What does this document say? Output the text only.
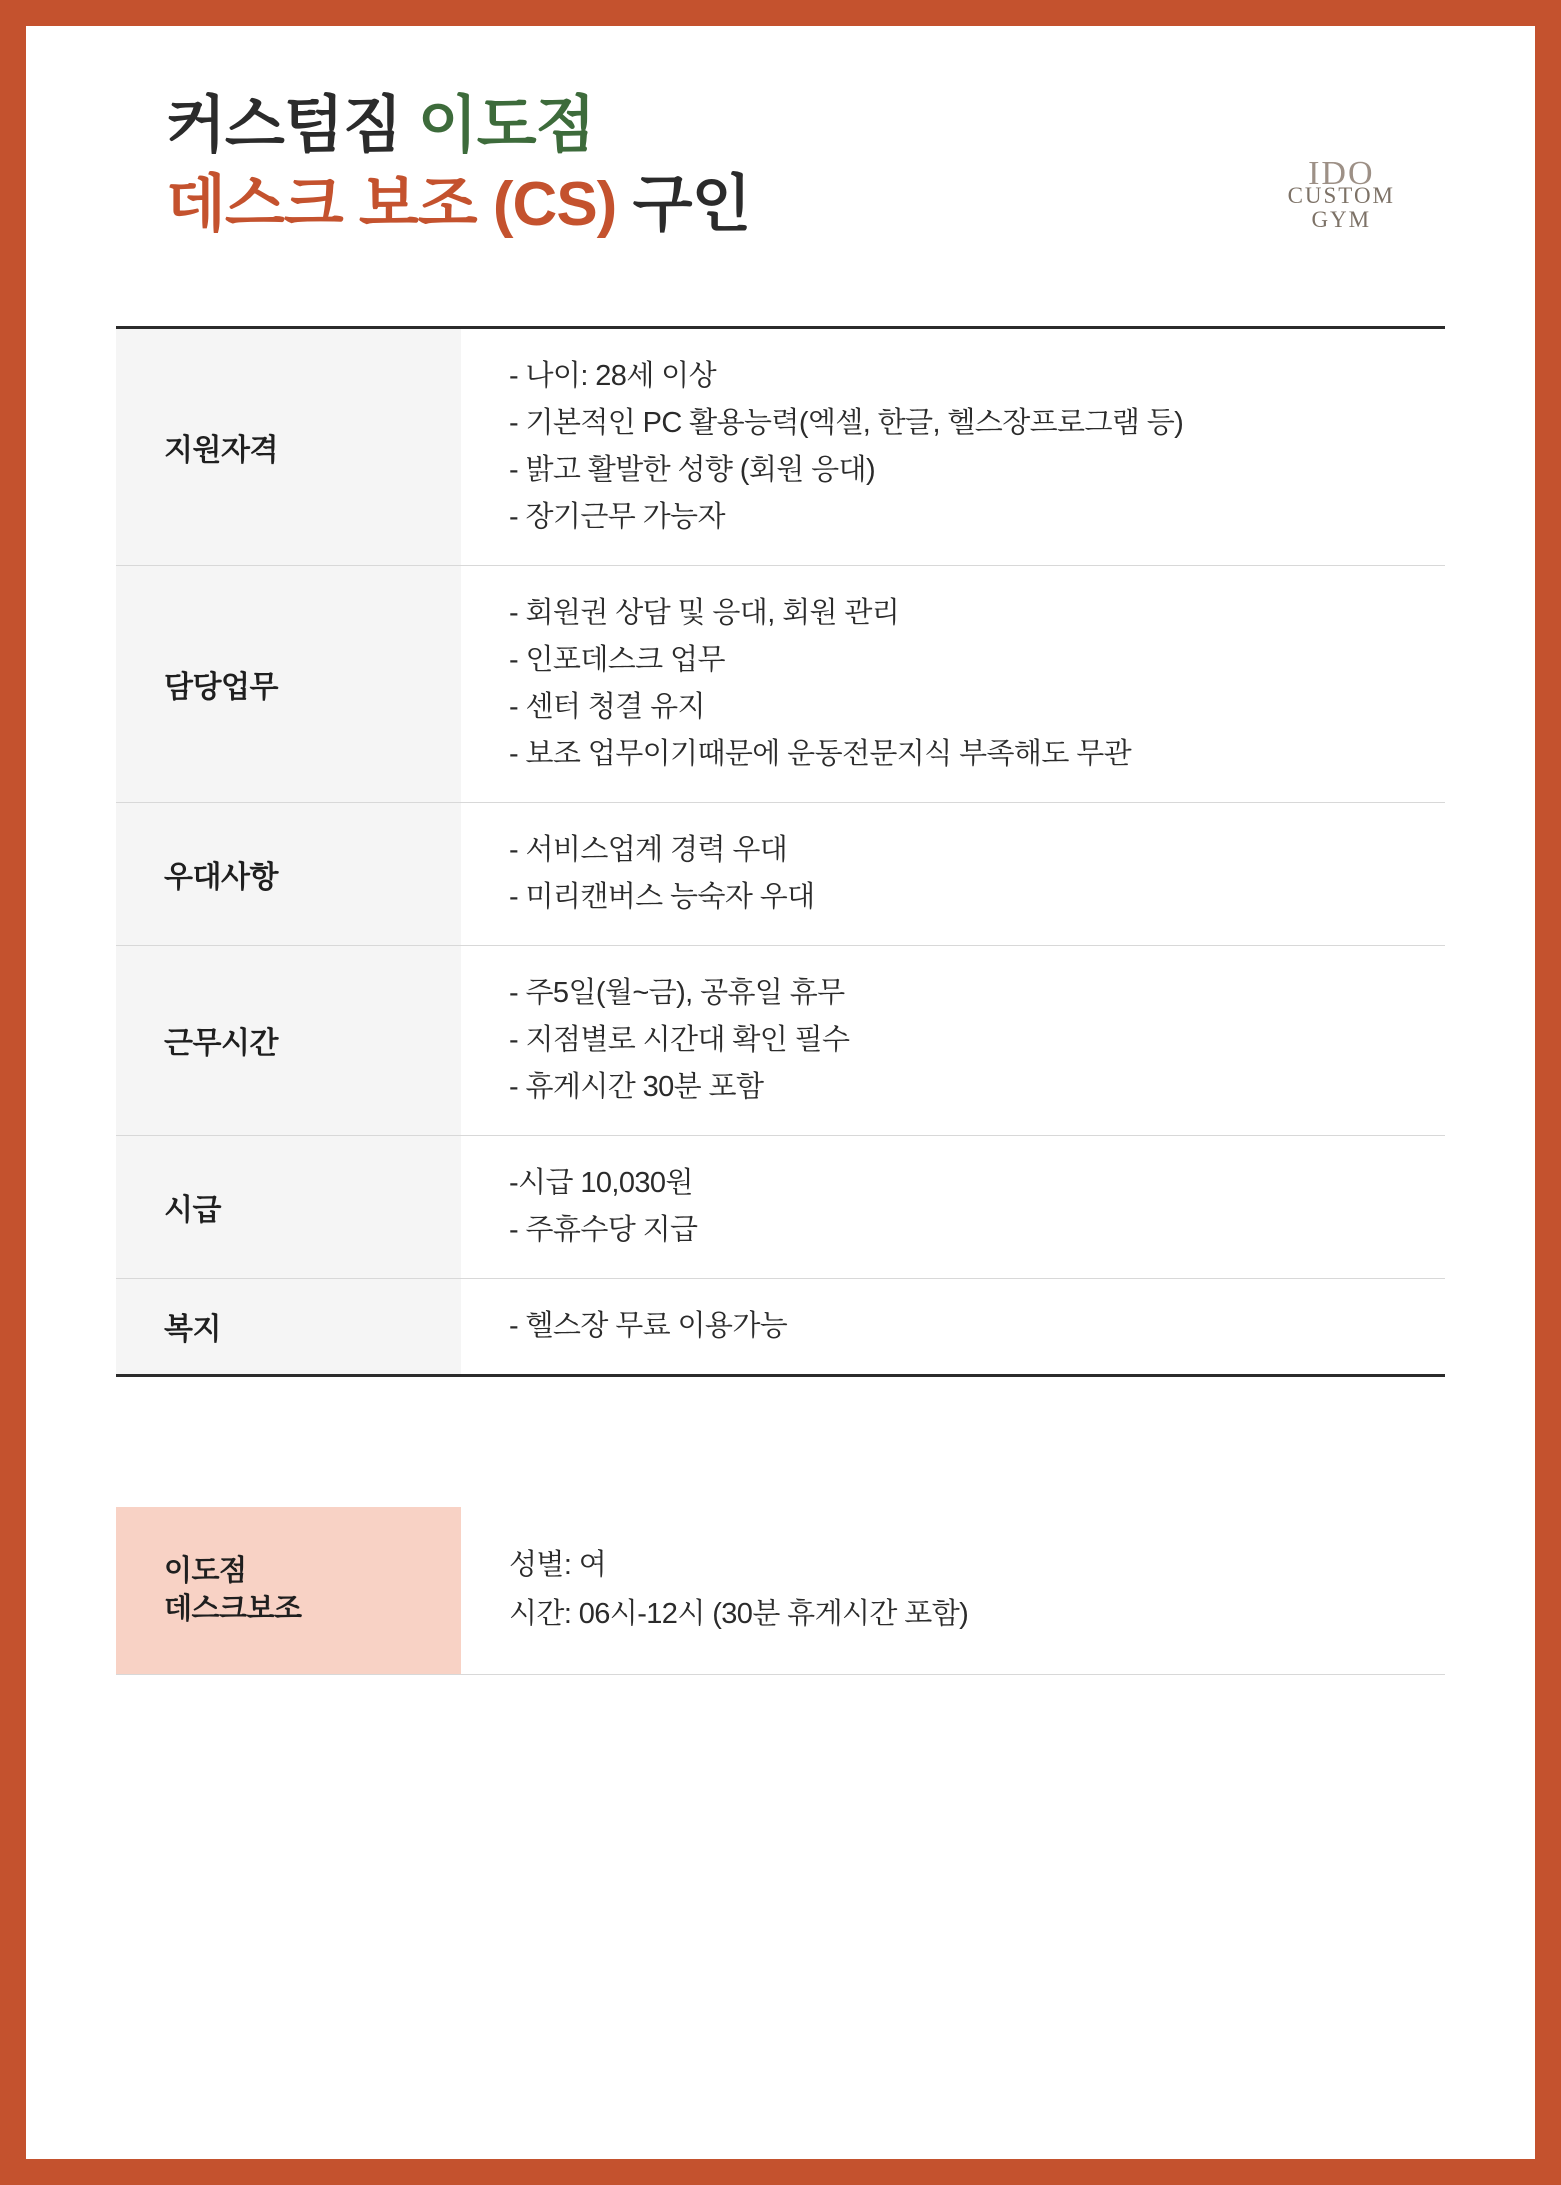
커스텀짐 이도점
데스크 보조 (CS) 구인	IDO
CUSTOM
GYM
지원자격
- 나이: 28세 이상
- 기본적인 PC 활용능력(엑셀, 한글, 헬스장프로그램 등)
- 밝고 활발한 성향 (회원 응대)
- 장기근무 가능자
담당업무
- 회원권 상담 및 응대, 회원 관리
- 인포데스크 업무
- 센터 청결 유지
- 보조 업무이기때문에 운동전문지식 부족해도 무관
우대사항
- 서비스업계 경력 우대
- 미리캔버스 능숙자 우대
근무시간
- 주5일(월~금), 공휴일 휴무
- 지점별로 시간대 확인 필수
- 휴게시간 30분 포함
시급
-시급 10,030원
- 주휴수당 지급
복지	- 헬스장 무료 이용가능
이도점
데스크보조
성별: 여
시간: 06시-12시 (30분 휴게시간 포함)
